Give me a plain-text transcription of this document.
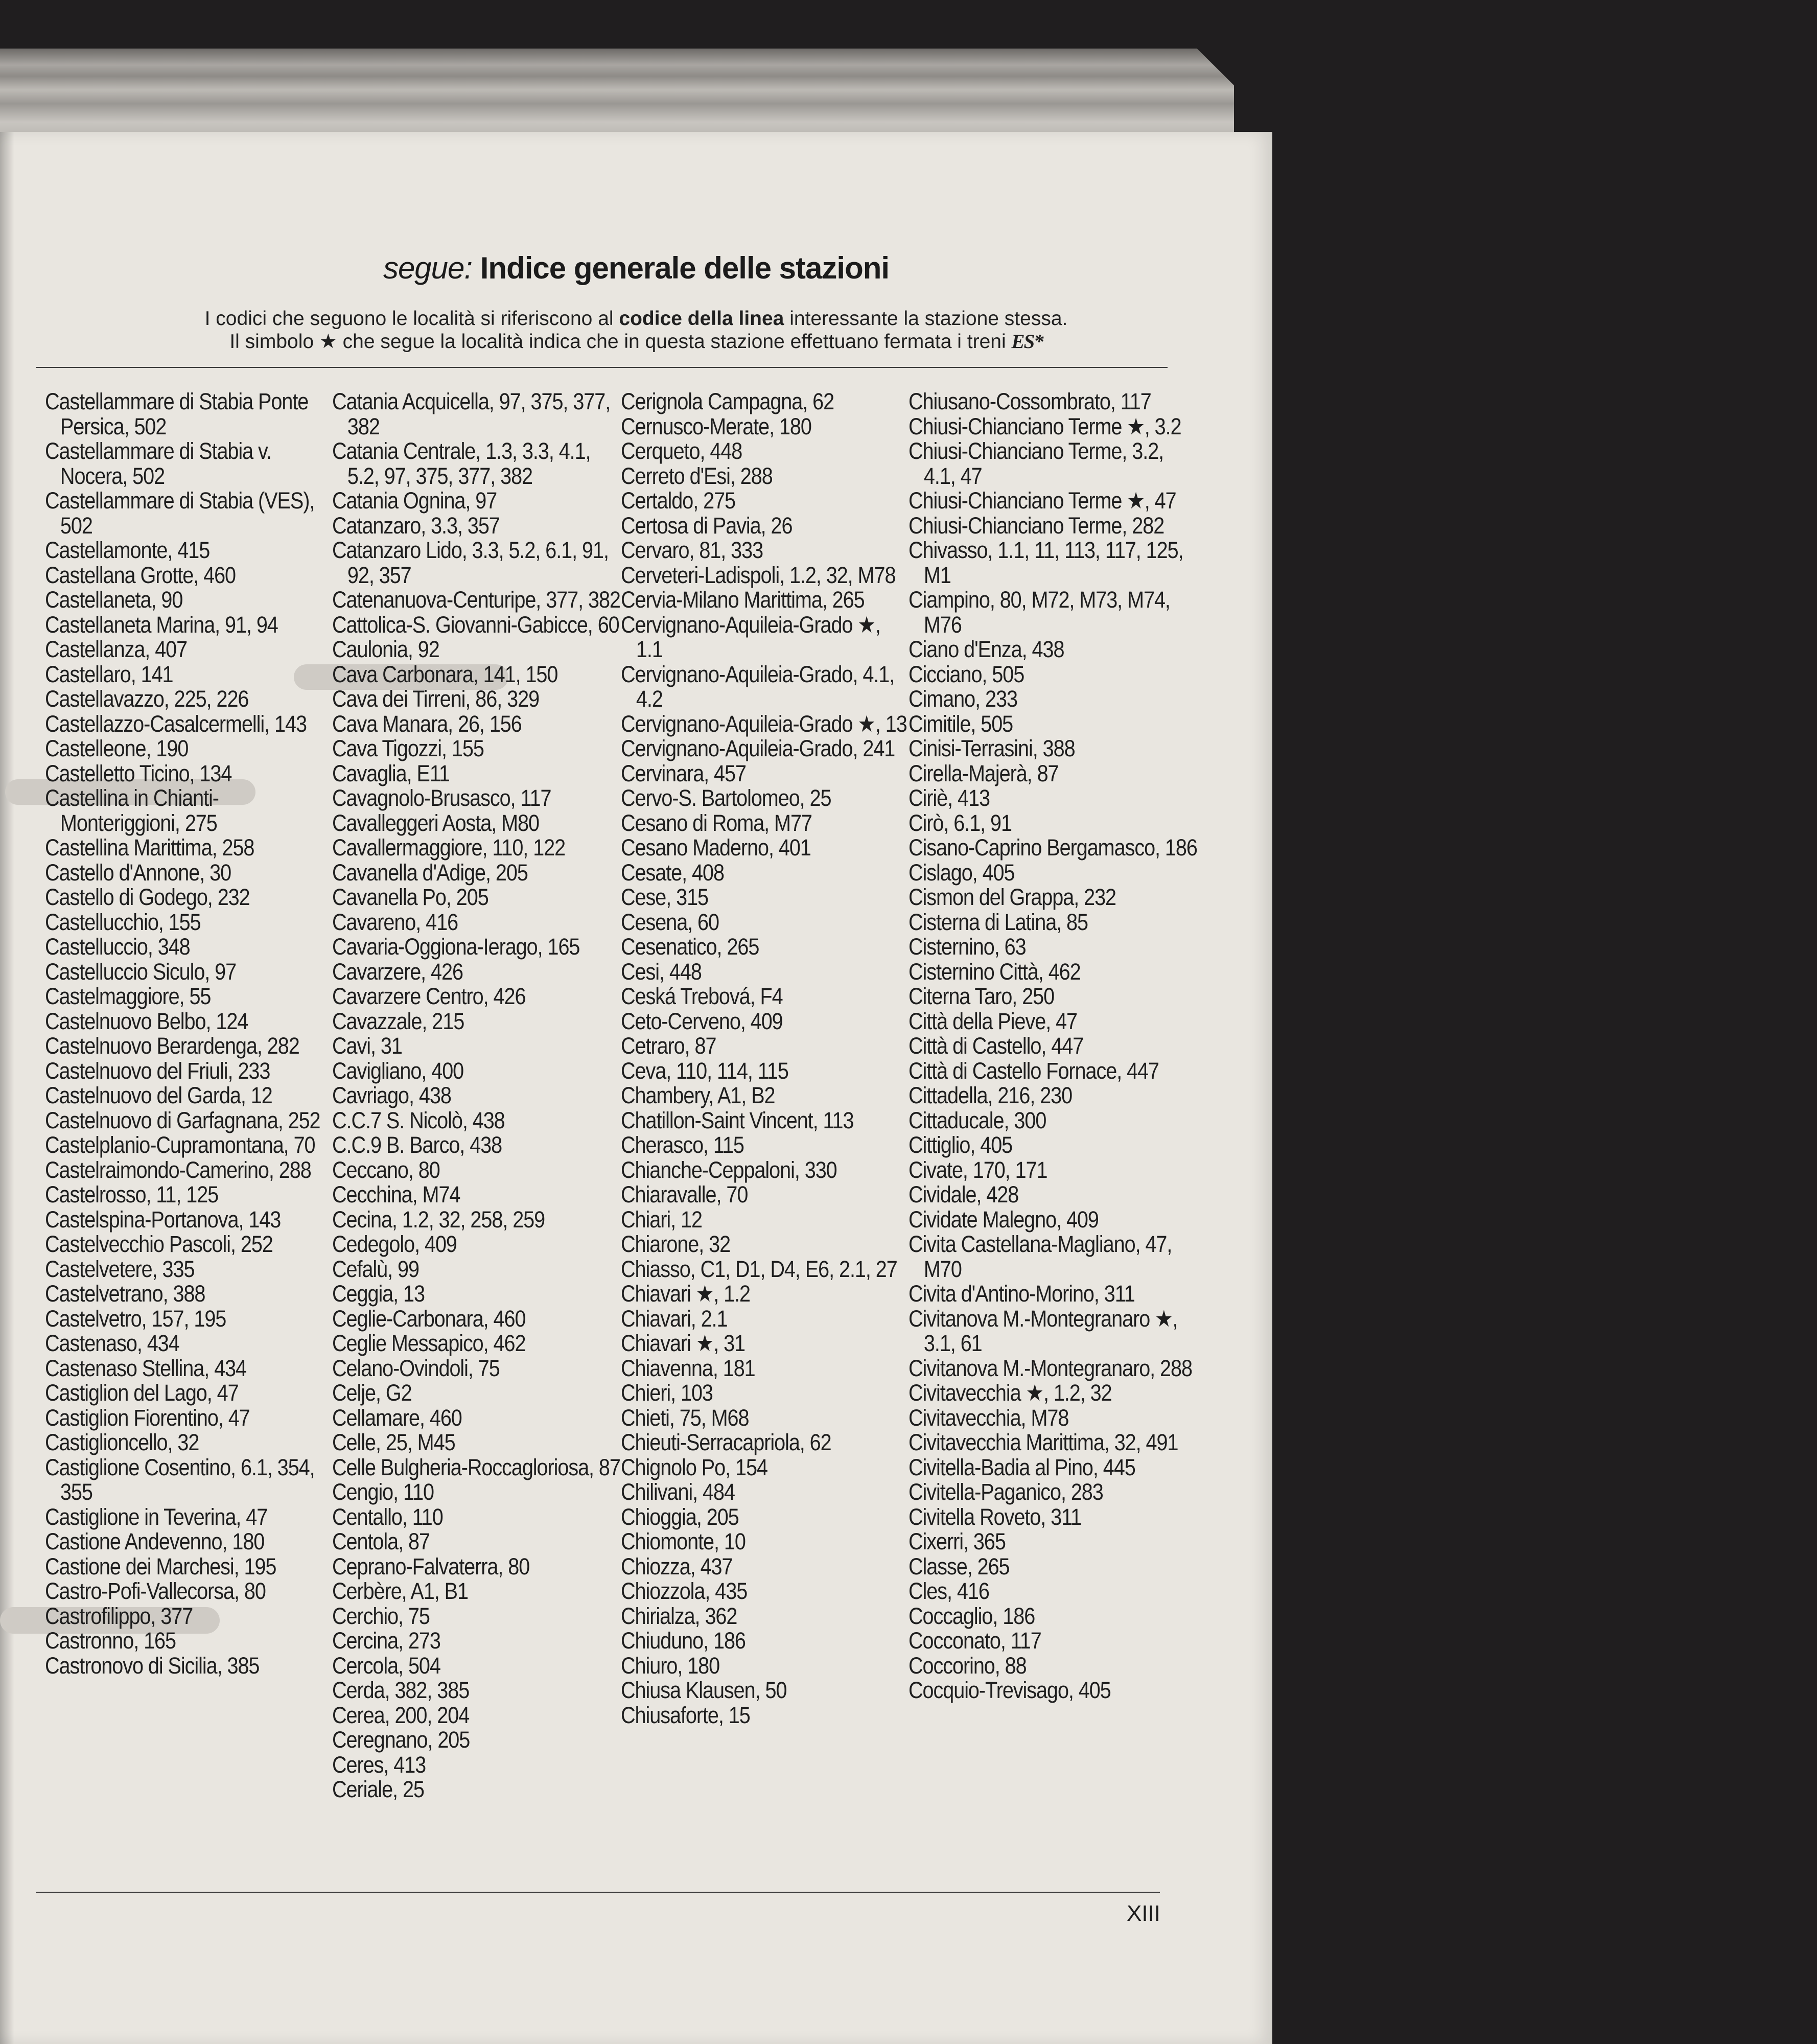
segue: Indice generale delle stazioni
I codici che seguono le località si riferiscono al codice della linea interessante la stazione stessa.
Il simbolo ★ che segue la località indica che in questa stazione effettuano fermata i treni ES*
Castellammare di Stabia Ponte Persica, 502
Castellammare di Stabia v. Nocera, 502
Castellammare di Stabia (VES), 502
Castellamonte, 415
Castellana Grotte, 460
Castellaneta, 90
Castellaneta Marina, 91, 94
Castellanza, 407
Castellaro, 141
Castellavazzo, 225, 226
Castellazzo-Casalcermelli, 143
Castelleone, 190
Castelletto Ticino, 134
Castellina in Chianti-Monteriggioni, 275
Castellina Marittima, 258
Castello d'Annone, 30
Castello di Godego, 232
Castellucchio, 155
Castelluccio, 348
Castelluccio Siculo, 97
Castelmaggiore, 55
Castelnuovo Belbo, 124
Castelnuovo Berardenga, 282
Castelnuovo del Friuli, 233
Castelnuovo del Garda, 12
Castelnuovo di Garfagnana, 252
Castelplanio-Cupramontana, 70
Castelraimondo-Camerino, 288
Castelrosso, 11, 125
Castelspina-Portanova, 143
Castelvecchio Pascoli, 252
Castelvetere, 335
Castelvetrano, 388
Castelvetro, 157, 195
Castenaso, 434
Castenaso Stellina, 434
Castiglion del Lago, 47
Castiglion Fiorentino, 47
Castiglioncello, 32
Castiglione Cosentino, 6.1, 354, 355
Castiglione in Teverina, 47
Castione Andevenno, 180
Castione dei Marchesi, 195
Castro-Pofi-Vallecorsa, 80
Castrofilippo, 377
Castronno, 165
Castronovo di Sicilia, 385
Catania Acquicella, 97, 375, 377, 382
Catania Centrale, 1.3, 3.3, 4.1, 5.2, 97, 375, 377, 382
Catania Ognina, 97
Catanzaro, 3.3, 357
Catanzaro Lido, 3.3, 5.2, 6.1, 91, 92, 357
Catenanuova-Centuripe, 377, 382
Cattolica-S. Giovanni-Gabicce, 60
Caulonia, 92
Cava Carbonara, 141, 150
Cava dei Tirreni, 86, 329
Cava Manara, 26, 156
Cava Tigozzi, 155
Cavaglia, E11
Cavagnolo-Brusasco, 117
Cavalleggeri Aosta, M80
Cavallermaggiore, 110, 122
Cavanella d'Adige, 205
Cavanella Po, 205
Cavareno, 416
Cavaria-Oggiona-Ierago, 165
Cavarzere, 426
Cavarzere Centro, 426
Cavazzale, 215
Cavi, 31
Cavigliano, 400
Cavriago, 438
C.C.7 S. Nicolò, 438
C.C.9 B. Barco, 438
Ceccano, 80
Cecchina, M74
Cecina, 1.2, 32, 258, 259
Cedegolo, 409
Cefalù, 99
Ceggia, 13
Ceglie-Carbonara, 460
Ceglie Messapico, 462
Celano-Ovindoli, 75
Celje, G2
Cellamare, 460
Celle, 25, M45
Celle Bulgheria-Roccagloriosa, 87
Cengio, 110
Centallo, 110
Centola, 87
Ceprano-Falvaterra, 80
Cerbère, A1, B1
Cerchio, 75
Cercina, 273
Cercola, 504
Cerda, 382, 385
Cerea, 200, 204
Ceregnano, 205
Ceres, 413
Ceriale, 25
Cerignola Campagna, 62
Cernusco-Merate, 180
Cerqueto, 448
Cerreto d'Esi, 288
Certaldo, 275
Certosa di Pavia, 26
Cervaro, 81, 333
Cerveteri-Ladispoli, 1.2, 32, M78
Cervia-Milano Marittima, 265
Cervignano-Aquileia-Grado ★, 1.1
Cervignano-Aquileia-Grado, 4.1, 4.2
Cervignano-Aquileia-Grado ★, 13
Cervignano-Aquileia-Grado, 241
Cervinara, 457
Cervo-S. Bartolomeo, 25
Cesano di Roma, M77
Cesano Maderno, 401
Cesate, 408
Cese, 315
Cesena, 60
Cesenatico, 265
Cesi, 448
Ceská Trebová, F4
Ceto-Cerveno, 409
Cetraro, 87
Ceva, 110, 114, 115
Chambery, A1, B2
Chatillon-Saint Vincent, 113
Cherasco, 115
Chianche-Ceppaloni, 330
Chiaravalle, 70
Chiari, 12
Chiarone, 32
Chiasso, C1, D1, D4, E6, 2.1, 27
Chiavari ★, 1.2
Chiavari, 2.1
Chiavari ★, 31
Chiavenna, 181
Chieri, 103
Chieti, 75, M68
Chieuti-Serracapriola, 62
Chignolo Po, 154
Chilivani, 484
Chioggia, 205
Chiomonte, 10
Chiozza, 437
Chiozzola, 435
Chirialza, 362
Chiuduno, 186
Chiuro, 180
Chiusa Klausen, 50
Chiusaforte, 15
Chiusano-Cossombrato, 117
Chiusi-Chianciano Terme ★, 3.2
Chiusi-Chianciano Terme, 3.2, 4.1, 47
Chiusi-Chianciano Terme ★, 47
Chiusi-Chianciano Terme, 282
Chivasso, 1.1, 11, 113, 117, 125, M1
Ciampino, 80, M72, M73, M74, M76
Ciano d'Enza, 438
Cicciano, 505
Cimano, 233
Cimitile, 505
Cinisi-Terrasini, 388
Cirella-Majerà, 87
Ciriè, 413
Cirò, 6.1, 91
Cisano-Caprino Bergamasco, 186
Cislago, 405
Cismon del Grappa, 232
Cisterna di Latina, 85
Cisternino, 63
Cisternino Città, 462
Citerna Taro, 250
Città della Pieve, 47
Città di Castello, 447
Città di Castello Fornace, 447
Cittadella, 216, 230
Cittaducale, 300
Cittiglio, 405
Civate, 170, 171
Cividale, 428
Cividate Malegno, 409
Civita Castellana-Magliano, 47, M70
Civita d'Antino-Morino, 311
Civitanova M.-Montegranaro ★, 3.1, 61
Civitanova M.-Montegranaro, 288
Civitavecchia ★, 1.2, 32
Civitavecchia, M78
Civitavecchia Marittima, 32, 491
Civitella-Badia al Pino, 445
Civitella-Paganico, 283
Civitella Roveto, 311
Cixerri, 365
Classe, 265
Cles, 416
Coccaglio, 186
Cocconato, 117
Coccorino, 88
Cocquio-Trevisago, 405
XIII
